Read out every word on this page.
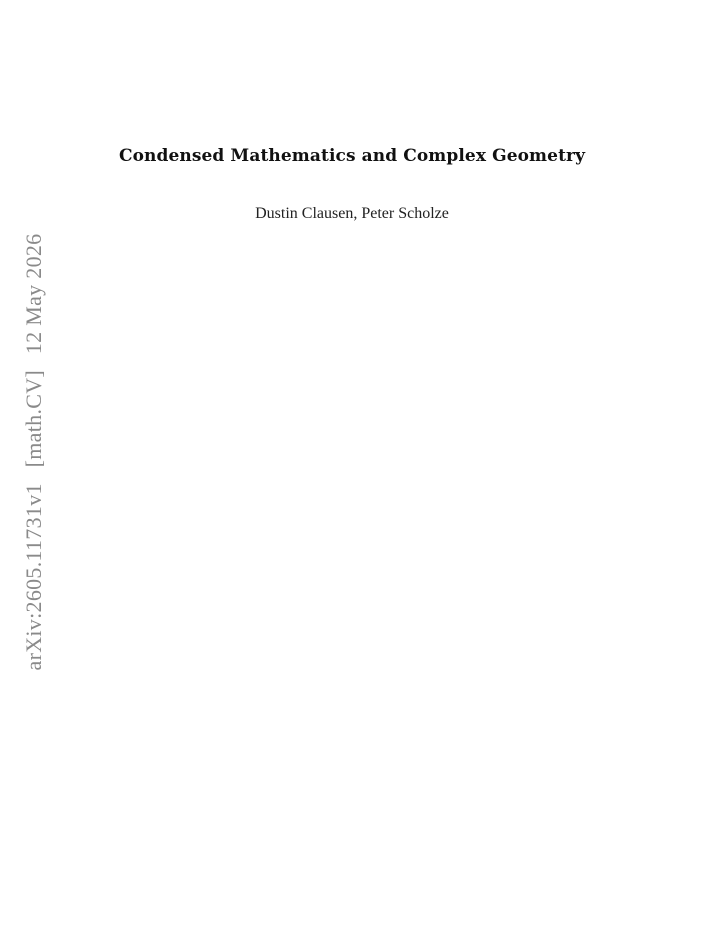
arXiv:2605.11731v1 [math.CV] 12 May 2026
Condensed Mathematics and Complex Geometry
Dustin Clausen, Peter Scholze
